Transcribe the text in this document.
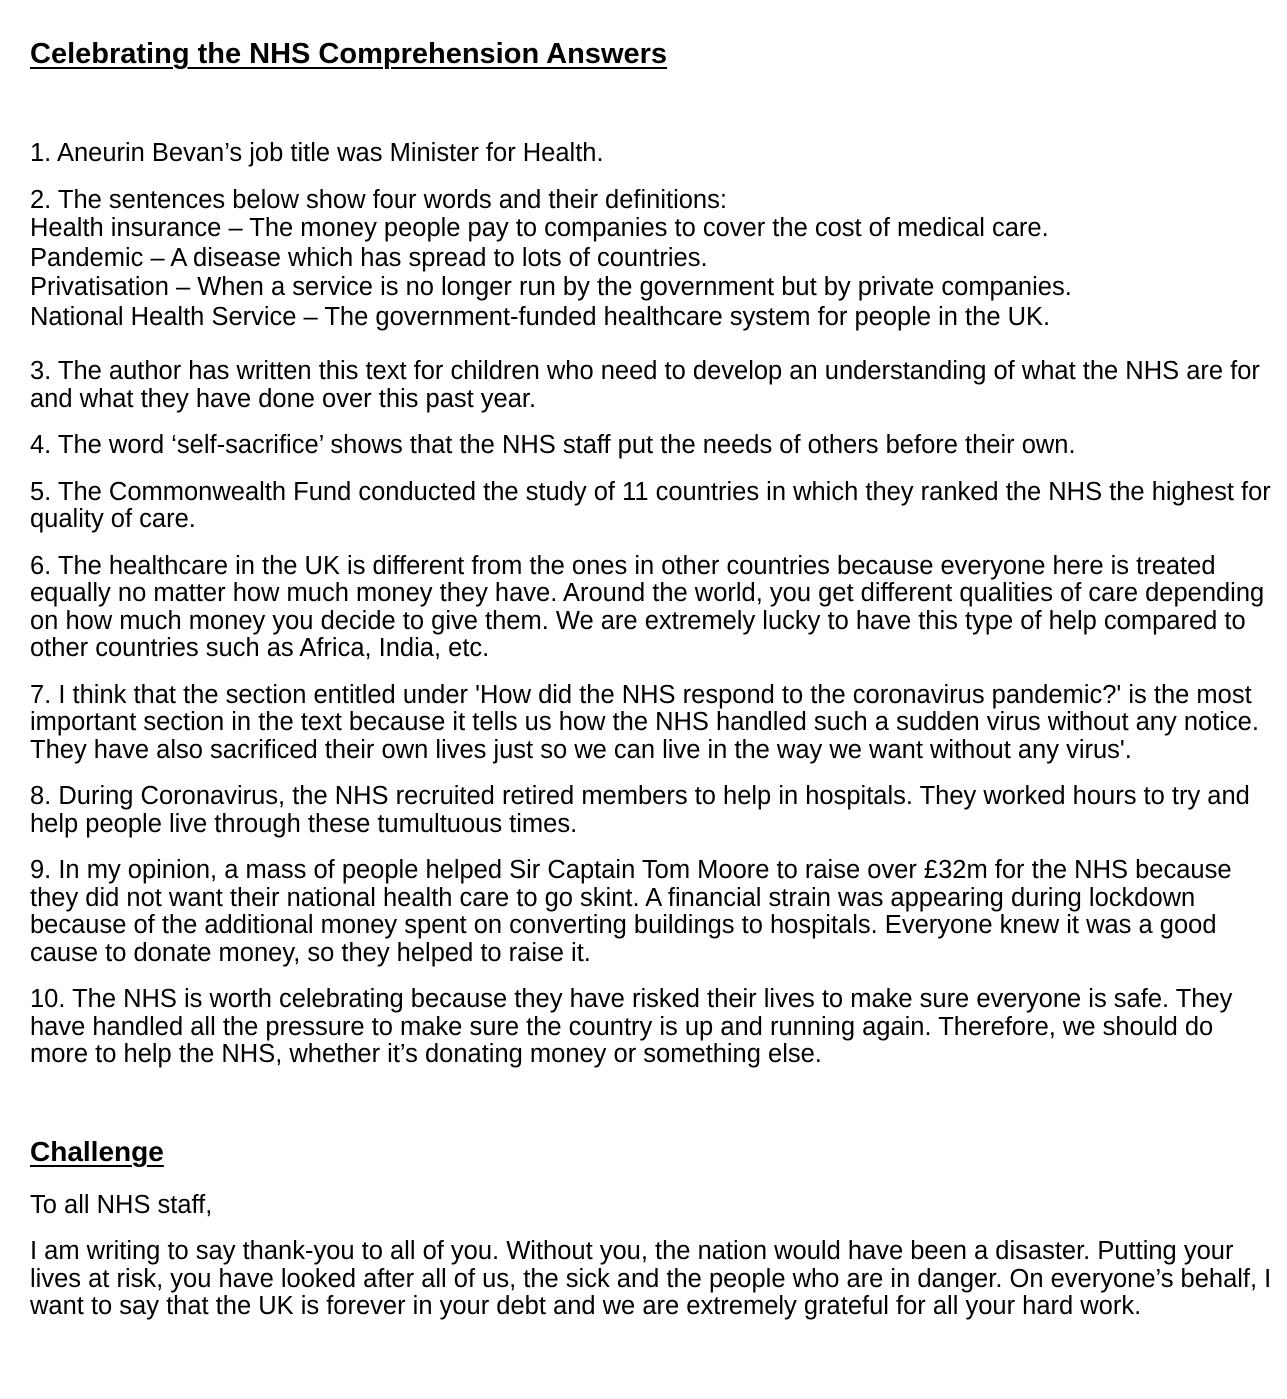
Celebrating the NHS Comprehension Answers

1. Aneurin Bevan’s job title was Minister for Health.

2. The sentences below show four words and their definitions:

Health insurance – The money people pay to companies to cover the cost of medical care.
Pandemic – A disease which has spread to lots of countries.
Privatisation – When a service is no longer run by the government but by private companies.
National Health Service – The government-funded healthcare system for people in the UK.

3. The author has written this text for children who need to develop an understanding of what the NHS are for and what they have done over this past year.

4. The word ‘self-sacrifice’ shows that the NHS staff put the needs of others before their own.

5. The Commonwealth Fund conducted the study of 11 countries in which they ranked the NHS the highest for quality of care.

6. The healthcare in the UK is different from the ones in other countries because everyone here is treated equally no matter how much money they have. Around the world, you get different qualities of care depending on how much money you decide to give them. We are extremely lucky to have this type of help compared to other countries such as Africa, India, etc.

7. I think that the section entitled under 'How did the NHS respond to the coronavirus pandemic?' is the most important section in the text because it tells us how the NHS handled such a sudden virus without any notice. They have also sacrificed their own lives just so we can live in the way we want without any virus'.

8. During Coronavirus, the NHS recruited retired members to help in hospitals. They worked hours to try and help people live through these tumultuous times.

9. In my opinion, a mass of people helped Sir Captain Tom Moore to raise over £32m for the NHS because they did not want their national health care to go skint. A financial strain was appearing during lockdown because of the additional money spent on converting buildings to hospitals. Everyone knew it was a good cause to donate money, so they helped to raise it.

10. The NHS is worth celebrating because they have risked their lives to make sure everyone is safe. They have handled all the pressure to make sure the country is up and running again. Therefore, we should do more to help the NHS, whether it’s donating money or something else.

Challenge

To all NHS staff,

I am writing to say thank-you to all of you. Without you, the nation would have been a disaster. Putting your lives at risk, you have looked after all of us, the sick and the people who are in danger. On everyone’s behalf, I want to say that the UK is forever in your debt and we are extremely grateful for all your hard work.
